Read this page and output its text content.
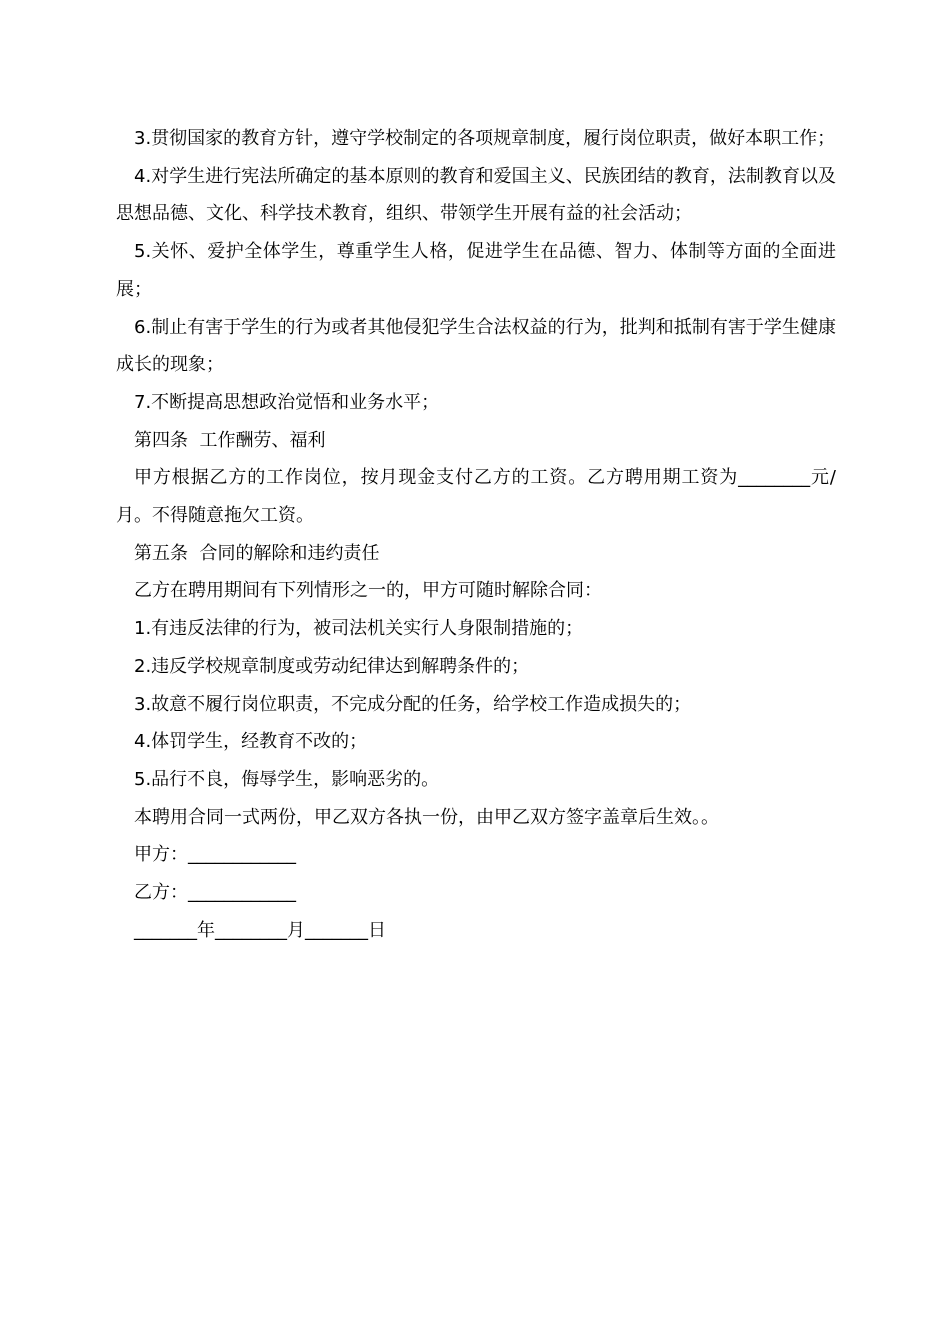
3.贯彻国家的教育方针，遵守学校制定的各项规章制度，履行岗位职责，做好本职工作；

4.对学生进行宪法所确定的基本原则的教育和爱国主义、民族团结的教育，法制教育以及思想品德、文化、科学技术教育，组织、带领学生开展有益的社会活动；

5.关怀、爱护全体学生，尊重学生人格，促进学生在品德、智力、体制等方面的全面进展；

6.制止有害于学生的行为或者其他侵犯学生合法权益的行为，批判和抵制有害于学生健康成长的现象；

7.不断提高思想政治觉悟和业务水平；

第四条  工作酬劳、福利

甲方根据乙方的工作岗位，按月现金支付乙方的工资。乙方聘用期工资为________元/月。不得随意拖欠工资。

第五条  合同的解除和违约责任

乙方在聘用期间有下列情形之一的，甲方可随时解除合同：

1.有违反法律的行为，被司法机关实行人身限制措施的；

2.违反学校规章制度或劳动纪律达到解聘条件的；

3.故意不履行岗位职责，不完成分配的任务，给学校工作造成损失的；

4.体罚学生，经教育不改的；

5.品行不良，侮辱学生，影响恶劣的。

本聘用合同一式两份，甲乙双方各执一份，由甲乙双方签字盖章后生效。。

甲方：____________

乙方：____________

_______年________月_______日
